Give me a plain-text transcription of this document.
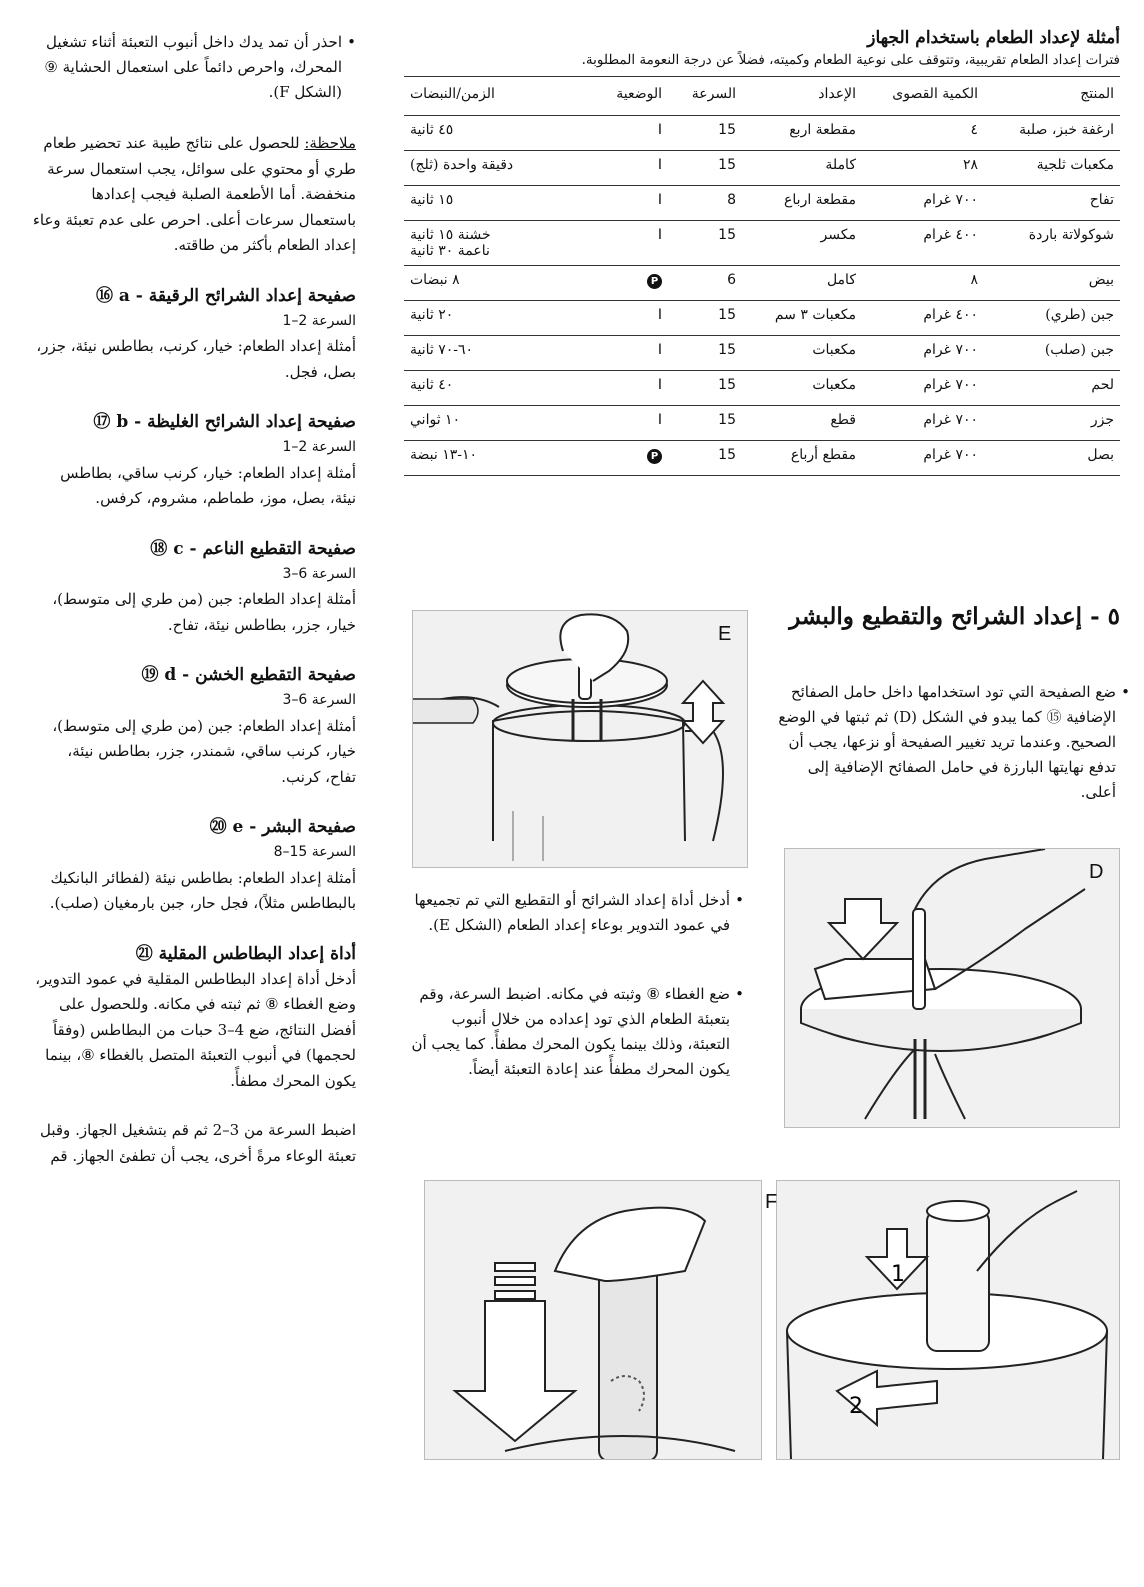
أمثلة لإعداد الطعام باستخدام الجهاز

فترات إعداد الطعام تقريبية، وتتوقف على نوعية الطعام وكميته، فضلاً عن درجة النعومة المطلوبة.

المنتج	الكمية القصوى	الإعداد	السرعة	الوضعية	الزمن/النبضات
ارغفة خبز، صلبة	٤	مقطعة اربع	15	I	٤٥ ثانية
مكعبات ثلجية	٢٨	كاملة	15	I	دقيقة واحدة (ثلج)
تفاح	٧٠٠ غرام	مقطعة ارباع	8	I	١٥ ثانية
شوكولاتة باردة	٤٠٠ غرام	مكسر	15	I	خشنة ١٥ ثانية
ناعمة ٣٠ ثانية

بيض	٨	كامل	6	P	٨ نبضات
جبن (طري)	٤٠٠ غرام	مكعبات ٣ سم	15	I	٢٠ ثانية
جبن (صلب)	٧٠٠ غرام	مكعبات	15	I	٦٠-٧٠ ثانية
لحم	٧٠٠ غرام	مكعبات	15	I	٤٠ ثانية
جزر	٧٠٠ غرام	قطع	15	I	١٠ ثواني
بصل	٧٠٠ غرام	مقطع أرباع	15	P	١٠-١٣ نبضة
٥ - إعداد الشرائح والتقطيع والبشر

• ضع الصفيحة التي تود استخدامها داخل حامل الصفائح الإضافية ⑮ كما يبدو في الشكل (D) ثم ثبتها في الوضع الصحيح. وعندما تريد تغيير الصفيحة أو نزعها، يجب أن تدفع نهايتها البارزة في حامل الصفائح الإضافية إلى أعلى.

E

• أدخل أداة إعداد الشرائح أو التقطيع التي تم تجميعها في عمود التدوير بوعاء إعداد الطعام (الشكل E).

• ضع الغطاء ⑧ وثبته في مكانه. اضبط السرعة، وقم بتعبئة الطعام الذي تود إعداده من خلال أنبوب التعبئة، وذلك بينما يكون المحرك مطفأً. كما يجب أن يكون المحرك مطفأً عند إعادة التعبئة أيضاً.

D
F
1
2

• احذر أن تمد يدك داخل أنبوب التعبئة أثناء تشغيل المحرك، واحرص دائماً على استعمال الحشاية ⑨ (الشكل F).

ملاحظة: للحصول على نتائج طيبة عند تحضير طعام طري أو محتوي على سوائل، يجب استعمال سرعة منخفضة. أما الأطعمة الصلبة فيجب إعدادها باستعمال سرعات أعلى. احرص على عدم تعبئة وعاء إعداد الطعام بأكثر من طاقته.

صفيحة إعداد الشرائح الرقيقة - a ⑯

السرعة 2–1

أمثلة إعداد الطعام: خيار، كرنب، بطاطس نيئة، جزر، بصل، فجل.

صفيحة إعداد الشرائح الغليظة - b ⑰

السرعة 2–1

أمثلة إعداد الطعام: خيار، كرنب ساقي، بطاطس نيئة، بصل، موز، طماطم، مشروم، كرفس.

صفيحة التقطيع الناعم - c ⑱

السرعة 6–3

أمثلة إعداد الطعام: جبن (من طري إلى متوسط)، خيار، جزر، بطاطس نيئة، تفاح.

صفيحة التقطيع الخشن - d ⑲

السرعة 6–3

أمثلة إعداد الطعام: جبن (من طري إلى متوسط)، خيار، كرنب ساقي، شمندر، جزر، بطاطس نيئة، تفاح، كرنب.

صفيحة البشر - e ⑳

السرعة 15–8

أمثلة إعداد الطعام: بطاطس نيئة (لفطائر البانكيك بالبطاطس مثلاً)، فجل حار، جبن بارمغيان (صلب).

أداة إعداد البطاطس المقلية ㉑

أدخل أداة إعداد البطاطس المقلية في عمود التدوير، وضع الغطاء ⑧ ثم ثبته في مكانه. وللحصول على أفضل النتائج، ضع 4–3 حبات من البطاطس (وفقاً لحجمها) في أنبوب التعبئة المتصل بالغطاء ⑧، بينما يكون المحرك مطفأً.

اضبط السرعة من 3–2 ثم قم بتشغيل الجهاز. وقبل تعبئة الوعاء مرةً أخرى، يجب أن تطفئ الجهاز. قم
